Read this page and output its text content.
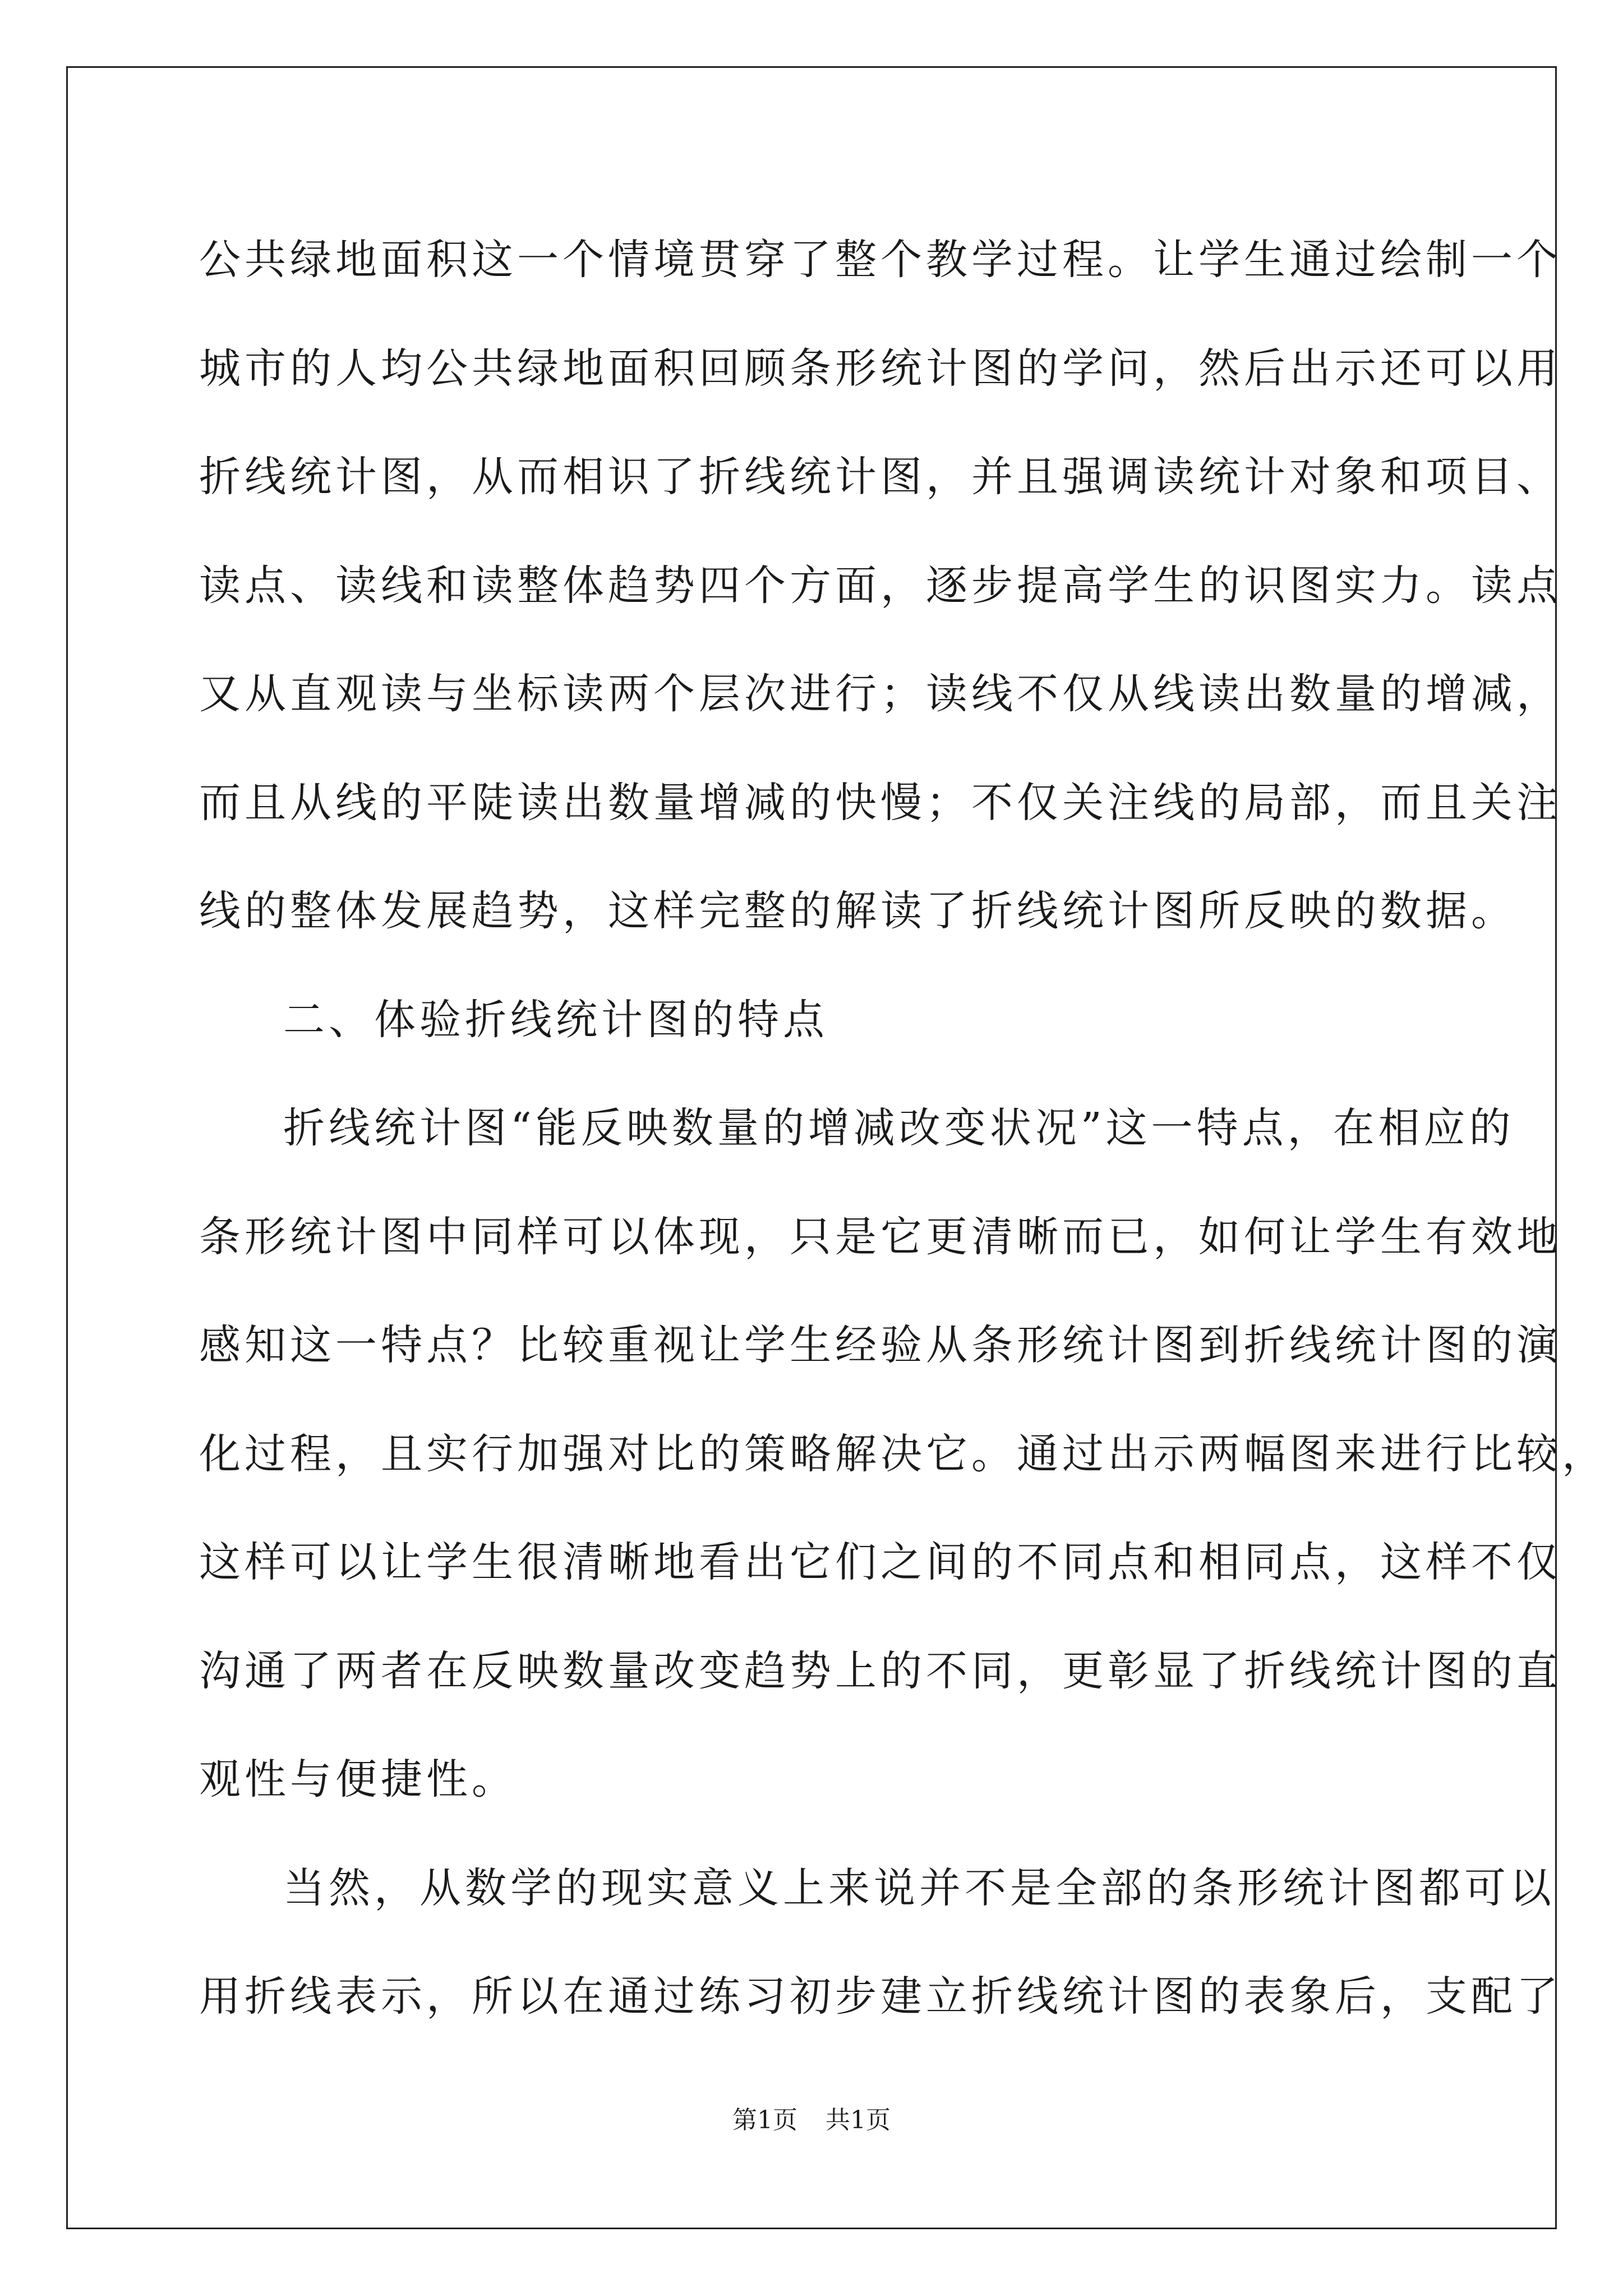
公共绿地面积这一个情境贯穿了整个教学过程。让学生通过绘制一个
城市的人均公共绿地面积回顾条形统计图的学问，然后出示还可以用
折线统计图，从而相识了折线统计图，并且强调读统计对象和项目、
读点、读线和读整体趋势四个方面，逐步提高学生的识图实力。读点
又从直观读与坐标读两个层次进行；读线不仅从线读出数量的增减，
而且从线的平陡读出数量增减的快慢；不仅关注线的局部，而且关注
线的整体发展趋势，这样完整的解读了折线统计图所反映的数据。
二、体验折线统计图的特点
折线统计图“能反映数量的增减改变状况”这一特点，在相应的
条形统计图中同样可以体现，只是它更清晰而已，如何让学生有效地
感知这一特点？比较重视让学生经验从条形统计图到折线统计图的演
化过程，且实行加强对比的策略解决它。通过出示两幅图来进行比较，
这样可以让学生很清晰地看出它们之间的不同点和相同点，这样不仅
沟通了两者在反映数量改变趋势上的不同，更彰显了折线统计图的直
观性与便捷性。
当然，从数学的现实意义上来说并不是全部的条形统计图都可以
用折线表示，所以在通过练习初步建立折线统计图的表象后，支配了
第1页 共1页
